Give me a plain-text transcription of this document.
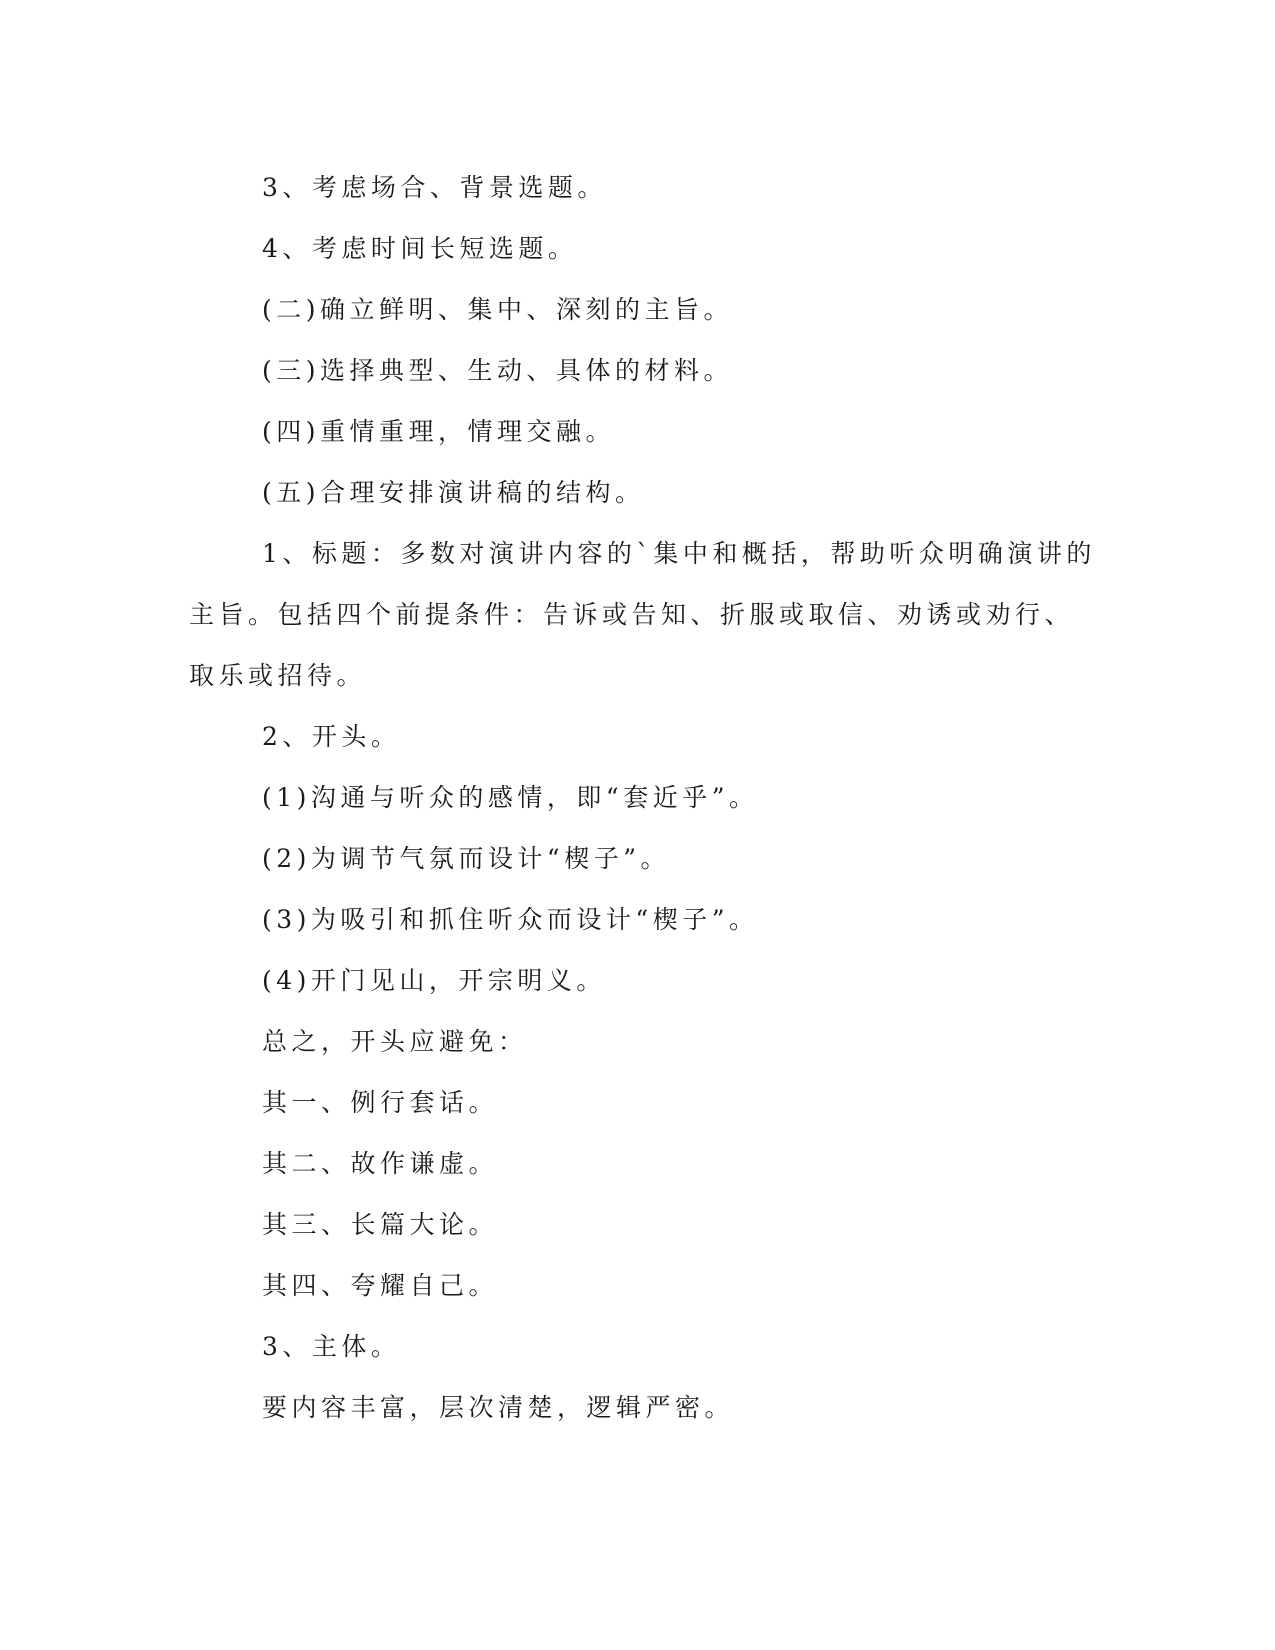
3、考虑场合、背景选题。
4、考虑时间长短选题。
(二)确立鲜明、集中、深刻的主旨。
(三)选择典型、生动、具体的材料。
(四)重情重理，情理交融。
(五)合理安排演讲稿的结构。
1、标题：多数对演讲内容的`集中和概括，帮助听众明确演讲的
主旨。包括四个前提条件：告诉或告知、折服或取信、劝诱或劝行、
取乐或招待。
2、开头。
(1)沟通与听众的感情，即“套近乎”。
(2)为调节气氛而设计“楔子”。
(3)为吸引和抓住听众而设计“楔子”。
(4)开门见山，开宗明义。
总之，开头应避免：
其一、例行套话。
其二、故作谦虚。
其三、长篇大论。
其四、夸耀自己。
3、主体。
要内容丰富，层次清楚，逻辑严密。
